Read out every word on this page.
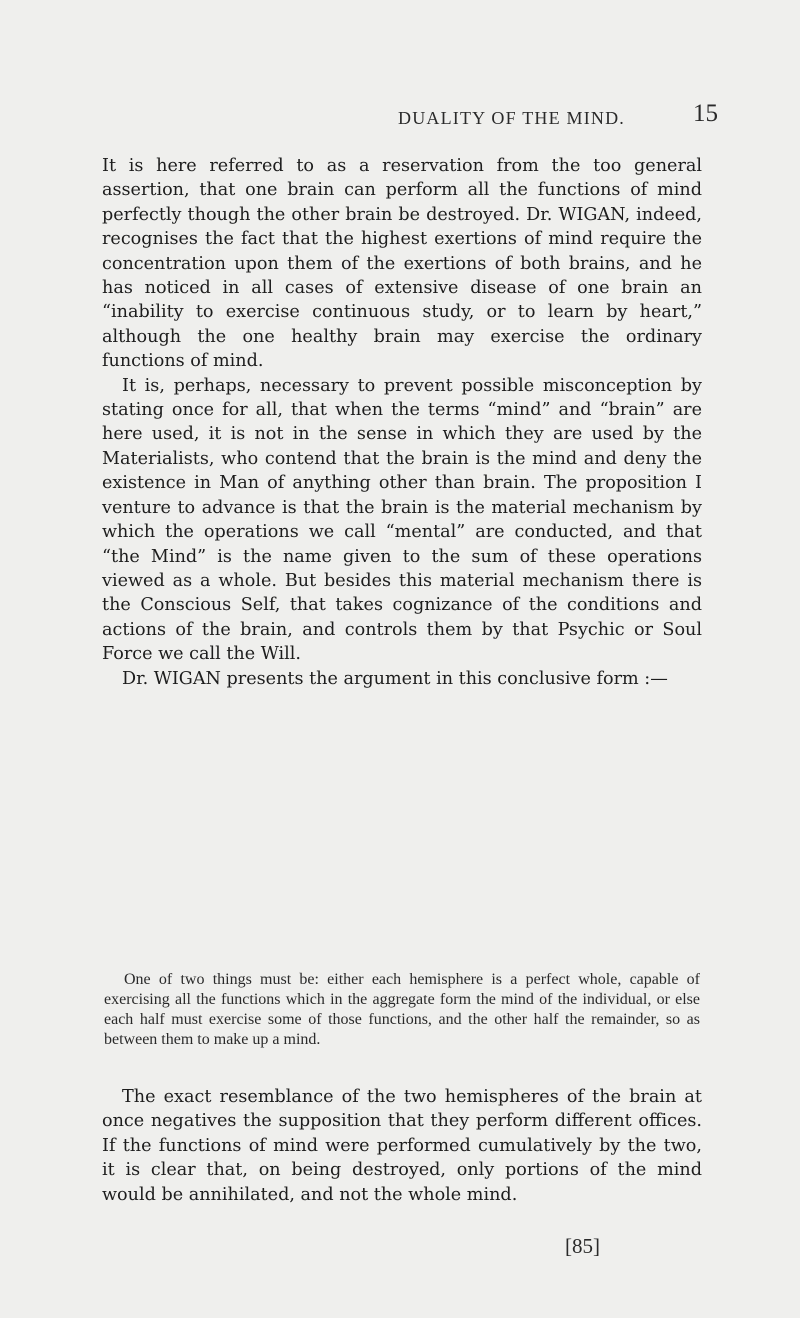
DUALITY OF THE MIND.	15

It is here referred to as a reservation from the too general assertion, that one brain can perform all the functions of mind perfectly though the other brain be destroyed. Dr. WIGAN, indeed, recognises the fact that the highest exertions of mind require the concentration upon them of the exertions of both brains, and he has noticed in all cases of extensive disease of one brain an “inability to exercise continuous study, or to learn by heart,” although the one healthy brain may exercise the ordinary functions of mind.

It is, perhaps, necessary to prevent possible misconception by stating once for all, that when the terms “mind” and “brain” are here used, it is not in the sense in which they are used by the Materialists, who contend that the brain is the mind and deny the existence in Man of anything other than brain. The proposition I venture to advance is that the brain is the material mechanism by which the operations we call “mental” are conducted, and that “the Mind” is the name given to the sum of these operations viewed as a whole. But besides this material mechanism there is the Conscious Self, that takes cognizance of the conditions and actions of the brain, and controls them by that Psychic or Soul Force we call the Will.

Dr. WIGAN presents the argument in this conclusive form :—

One of two things must be: either each hemisphere is a perfect whole, capable of exercising all the functions which in the aggregate form the mind of the individual, or else each half must exercise some of those functions, and the other half the remainder, so as between them to make up a mind.

The exact resemblance of the two hemispheres of the brain at once negatives the supposition that they perform different offices. If the functions of mind were performed cumulatively by the two, it is clear that, on being destroyed, only portions of the mind would be annihilated, and not the whole mind.

[85]
